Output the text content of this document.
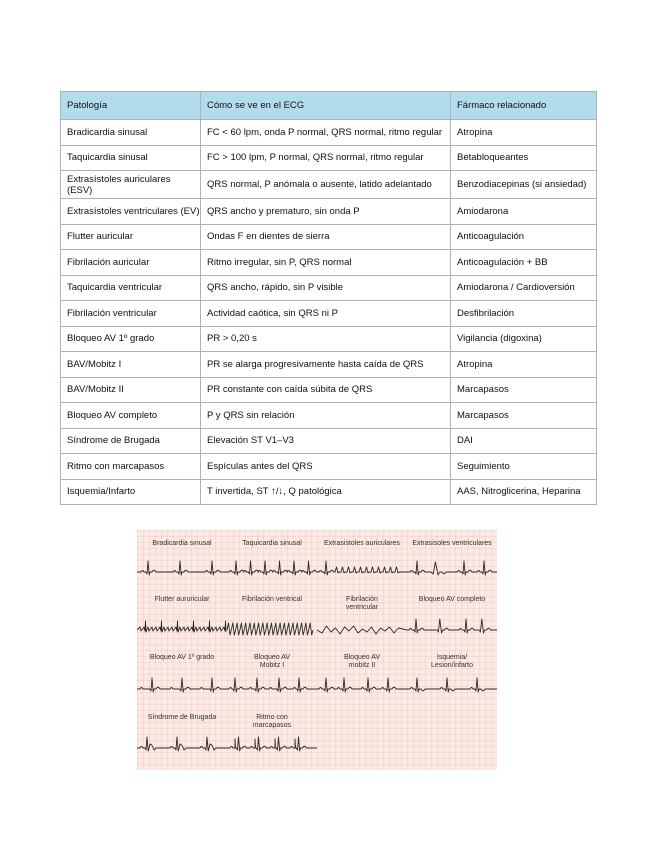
Patología	Cómo se ve en el ECG	Fármaco relacionado
Bradicardia sinusal	FC < 60 lpm, onda P normal, QRS normal, ritmo regular	Atropina
Taquicardia sinusal	FC > 100 lpm, P normal, QRS normal, ritmo regular	Betabloqueantes
Extrasístoles auriculares (ESV)	QRS normal, P anómala o ausente, latido adelantado	Benzodiacepinas (si ansiedad)
Extrasístoles ventriculares (EV)	QRS ancho y prematuro, sin onda P	Amiodarona
Flutter auricular	Ondas F en dientes de sierra	Anticoagulación
Fibrilación auricular	Ritmo irregular, sin P, QRS normal	Anticoagulación + BB
Taquicardia ventricular	QRS ancho, rápido, sin P visible	Amiodarona / Cardioversión
Fibrilación ventricular	Actividad caótica, sin QRS ni P	Desfibrilación
Bloqueo AV 1º grado	PR > 0,20 s	Vigilancia (digoxina)
BAV/Mobitz I	PR se alarga progresivamente hasta caída de QRS	Atropina
BAV/Mobitz II	PR constante con caída súbita de QRS	Marcapasos
Bloqueo AV completo	P y QRS sin relación	Marcapasos
Síndrome de Brugada	Elevación ST V1–V3	DAI
Ritmo con marcapasos	Espículas antes del QRS	Seguimiento
Isquemia/Infarto	T invertida, ST ↑/↓, Q patológica	AAS, Nitroglicerina, Heparina
Bradicardia sinusal	Taquicardia sinusal	Extrasistoles auriculares	Extrasisoles ventriculares
Flutter aururicular	Fibrilación ventrical	Fibrilación ventricular
Bloqueo AV completo
Bloqueo AV 1º grado	Bloqueo AV Mobitz I
Bloqueo AV mobitz II
Isquemia/ Lesion/infarto
Síndrome de Brugada	Ritmo con marcapasos
